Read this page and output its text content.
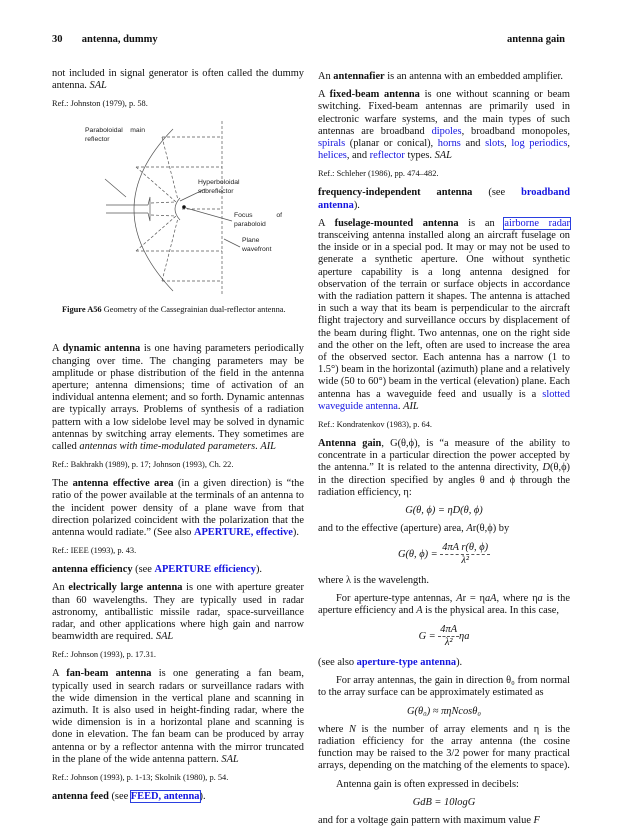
30 antenna, dummy	antenna gain

not included in signal generator is often called the dummy antenna. SAL

Ref.: Johnston (1979), p. 58.

Paraboloidal main reflector
Hyperboloidal subreflector
Focus of paraboloid
Plane wavefront

Figure A56 Geometry of the Cassegrainian dual-reflector antenna.

A dynamic antenna is one having parameters periodically changing over time. The changing parameters may be amplitude or phase distribution of the field in the antenna aperture; antenna dimensions; time of activation of an individual antenna element; and so forth. Dynamic antennas are typically arrays. Problems of synthesis of a radiation pattern with a low sidelobe level may be solved in dynamic antennas by switching array elements. They sometimes are called antennas with time-modulated parameters. AIL

Ref.: Bakhrakh (1989), p. 17; Johnson (1993), Ch. 22.

The antenna effective area (in a given direction) is “the ratio of the power available at the terminals of an antenna to the incident power density of a plane wave from that direction polarized coincident with the polarization that the antenna would radiate.” (See also APERTURE, effective).

Ref.: IEEE (1993), p. 43.

antenna efficiency (see APERTURE efficiency).

An electrically large antenna is one with aperture greater than 60 wavelengths. They are typically used in radar astronomy, antiballistic missile radar, space-surveillance radar, and other applications where high gain and narrow beamwidth are required. SAL

Ref.: Johnson (1993), p. 17.31.

A fan-beam antenna is one generating a fan beam, typically used in search radars or surveillance radars with the wide dimension in the vertical plane and scanning in azimuth. It is also used in height-finding radar, where the wide dimension is in a horizontal plane and scanning is done in elevation. The fan beam can be produced by array antenna or by a reflector antenna with the mirror truncated in the plane of the wide antenna pattern. SAL

Ref.: Johnson (1993), p. 1-13; Skolnik (1980), p. 54.

antenna feed (see FEED, antenna).

An antennafier is an antenna with an embedded amplifier.

A fixed-beam antenna is one without scanning or beam switching. Fixed-beam antennas are primarily used in electronic warfare systems, and the main types of such antennas are broadband dipoles, broadband monopoles, spirals (planar or conical), horns and slots, log periodics, helices, and reflector types. SAL

Ref.: Schleher (1986), pp. 474–482.

frequency-independent antenna (see broadband antenna).

A fuselage-mounted antenna is an airborne radar transceiving antenna installed along an aircraft fuselage on the inside or in a special pod. It may or may not be used to generate a synthetic aperture. One without synthetic aperture capability is a long antenna designed for observation of the terrain or surface objects in accordance with the radiation pattern it shapes. The antenna is attached in such a way that its beam is perpendicular to the aircraft flight trajectory and surveillance occurs by displacement of the beam during flight. Two antennas, one on the right side and the other on the left, often are used to increase the area of the observed sector. Each antenna has a narrow (1 to 1.5°) beam in the horizontal (azimuth) plane and a relatively wide (50 to 60°) beam in the vertical (elevation) plane. Each antenna has a waveguide feed and usually is a slotted waveguide antenna. AIL

Ref.: Kondratenkov (1983), p. 64.

Antenna gain, G(θ,ϕ), is “a measure of the ability to concentrate in a particular direction the power accepted by the antenna.” It is related to the antenna directivity, D(θ,ϕ) in the direction specified by angles θ and ϕ through the radiation efficiency, η:

G(θ, ϕ) = ηD(θ, ϕ)

and to the effective (aperture) area, Ar(θ,ϕ) by

G(θ, $\phi) = \frac{\text{4πA r(θ, ϕ)}}{\text{λ²}}$

where λ is the wavelength.

For aperture-type antennas, Ar = ηaA, where ηa is the aperture efficiency and A is the physical area. In this case,

$G = \frac{4\pi A}{\text{λ²}}$ ηa

(see also aperture-type antenna).

For array antennas, the gain in direction θ₀ from normal to the array surface can be approximately estimated as

G(θ₀) ≈ πηNcosθ₀

where N is the number of array elements and η is the radiation efficiency for the array antenna (the cosine function may be raised to the 3/2 power for many practical arrays, depending on the matching of the elements to space).

Antenna gain is often expressed in decibels:

GdB = 10logG

and for a voltage gain pattern with maximum value F
